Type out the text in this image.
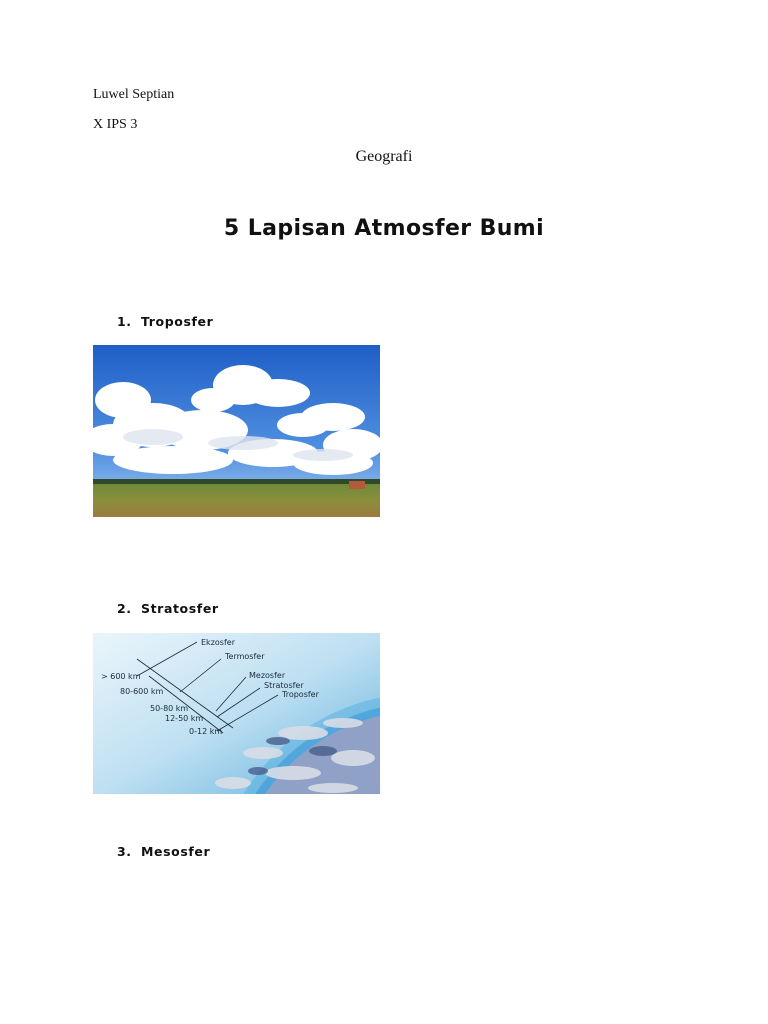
Luwel Septian
X IPS 3
Geografi
5 Lapisan Atmosfer Bumi
1. Troposfer
2. Stratosfer
Ekzosfer
Termosfer
Mezosfer
Stratosfer
Troposfer
> 600 km
80-600 km
50-80 km
12-50 km
0-12 km
3. Mesosfer
